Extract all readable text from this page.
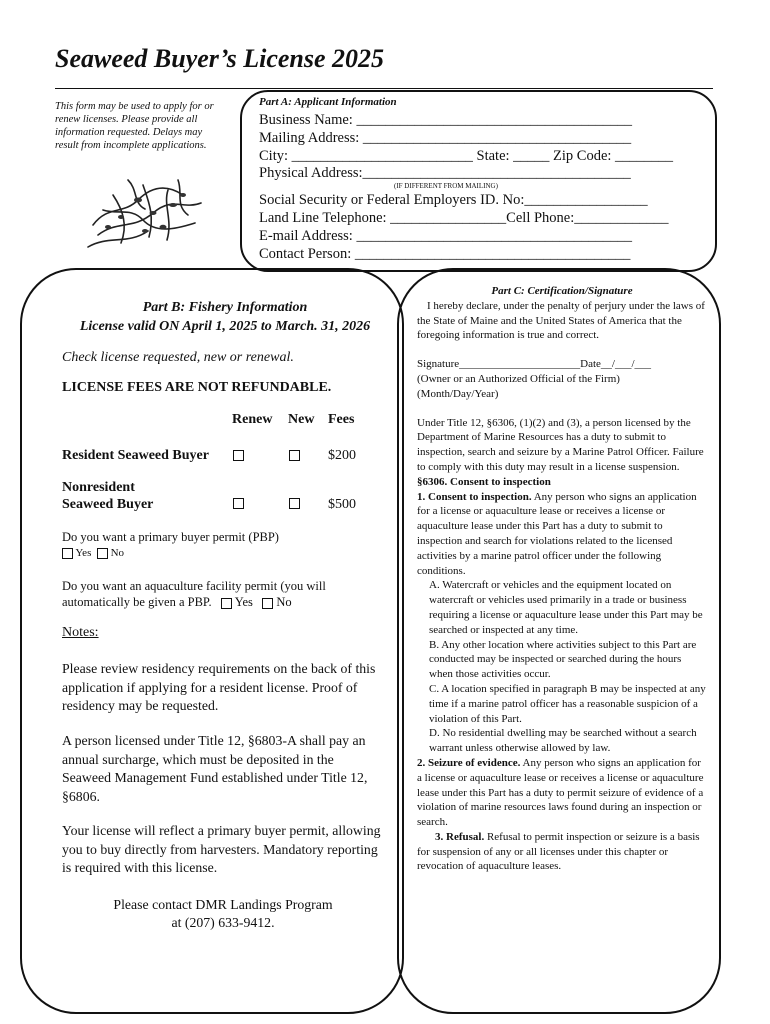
Seaweed Buyer’s License 2025
This form may be used to apply for or renew licenses. Please provide all information requested. Delays may result from incomplete applications.
Part A: Applicant Information
Business Name: ______________________________________
Mailing Address: _____________________________________
City: _________________________ State: _____ Zip Code: ________
Physical Address:_____________________________________
(IF DIFFERENT FROM MAILING)
Social Security or Federal Employers ID. No:_________________
Land Line Telephone: ________________Cell Phone:_____________
E-mail Address: ______________________________________
Contact Person: ______________________________________
Part B: Fishery Information
License valid ON April 1, 2025 to March. 31, 2026
Check license requested, new or renewal.
LICENSE FEES ARE NOT REFUNDABLE.
Renew New Fees
Resident Seaweed Buyer	$200
Nonresident
Seaweed Buyer	$500
Do you want a primary buyer permit (PBP)
Yes No
Do you want an aquaculture facility permit (you will
automatically be given a PBP. Yes No
Notes:
Please review residency requirements on the back of this application if applying for a resident license. Proof of residency may be requested.
A person licensed under Title 12, §6803-A shall pay an annual surcharge, which must be deposited in the Seaweed Management Fund established under Title 12, §6806.
Your license will reflect a primary buyer permit, allowing you to buy directly from harvesters. Mandatory reporting is required with this license.
Please contact DMR Landings Program
at (207) 633-9412.
Part C: Certification/Signature
I hereby declare, under the penalty of perjury under the laws of the State of Maine and the United States of America that the foregoing information is true and correct.
Signature______________________Date__/___/___
(Owner or an Authorized Official of the Firm)
(Month/Day/Year)
Under Title 12, §6306, (1)(2) and (3), a person licensed by the Department of Marine Resources has a duty to submit to inspection, search and seizure by a Marine Patrol Officer. Failure to comply with this duty may result in a license suspension.
§6306. Consent to inspection
1. Consent to inspection. Any person who signs an application for a license or aquaculture lease or receives a license or aquaculture lease under this Part has a duty to submit to inspection and search for violations related to the licensed activities by a marine patrol officer under the following conditions.
A. Watercraft or vehicles and the equipment located on watercraft or vehicles used primarily in a trade or business requiring a license or aquaculture lease under this Part may be searched or inspected at any time.
B. Any other location where activities subject to this Part are conducted may be inspected or searched during the hours when those activities occur.
C. A location specified in paragraph B may be inspected at any time if a marine patrol officer has a reasonable suspicion of a violation of this Part.
D. No residential dwelling may be searched without a search warrant unless otherwise allowed by law.
2. Seizure of evidence. Any person who signs an application for a license or aquaculture lease or receives a license or aquaculture lease under this Part has a duty to permit seizure of evidence of a violation of marine resources laws found during an inspection or search.
3. Refusal. Refusal to permit inspection or seizure is a basis for suspension of any or all licenses under this chapter or revocation of aquaculture leases.
